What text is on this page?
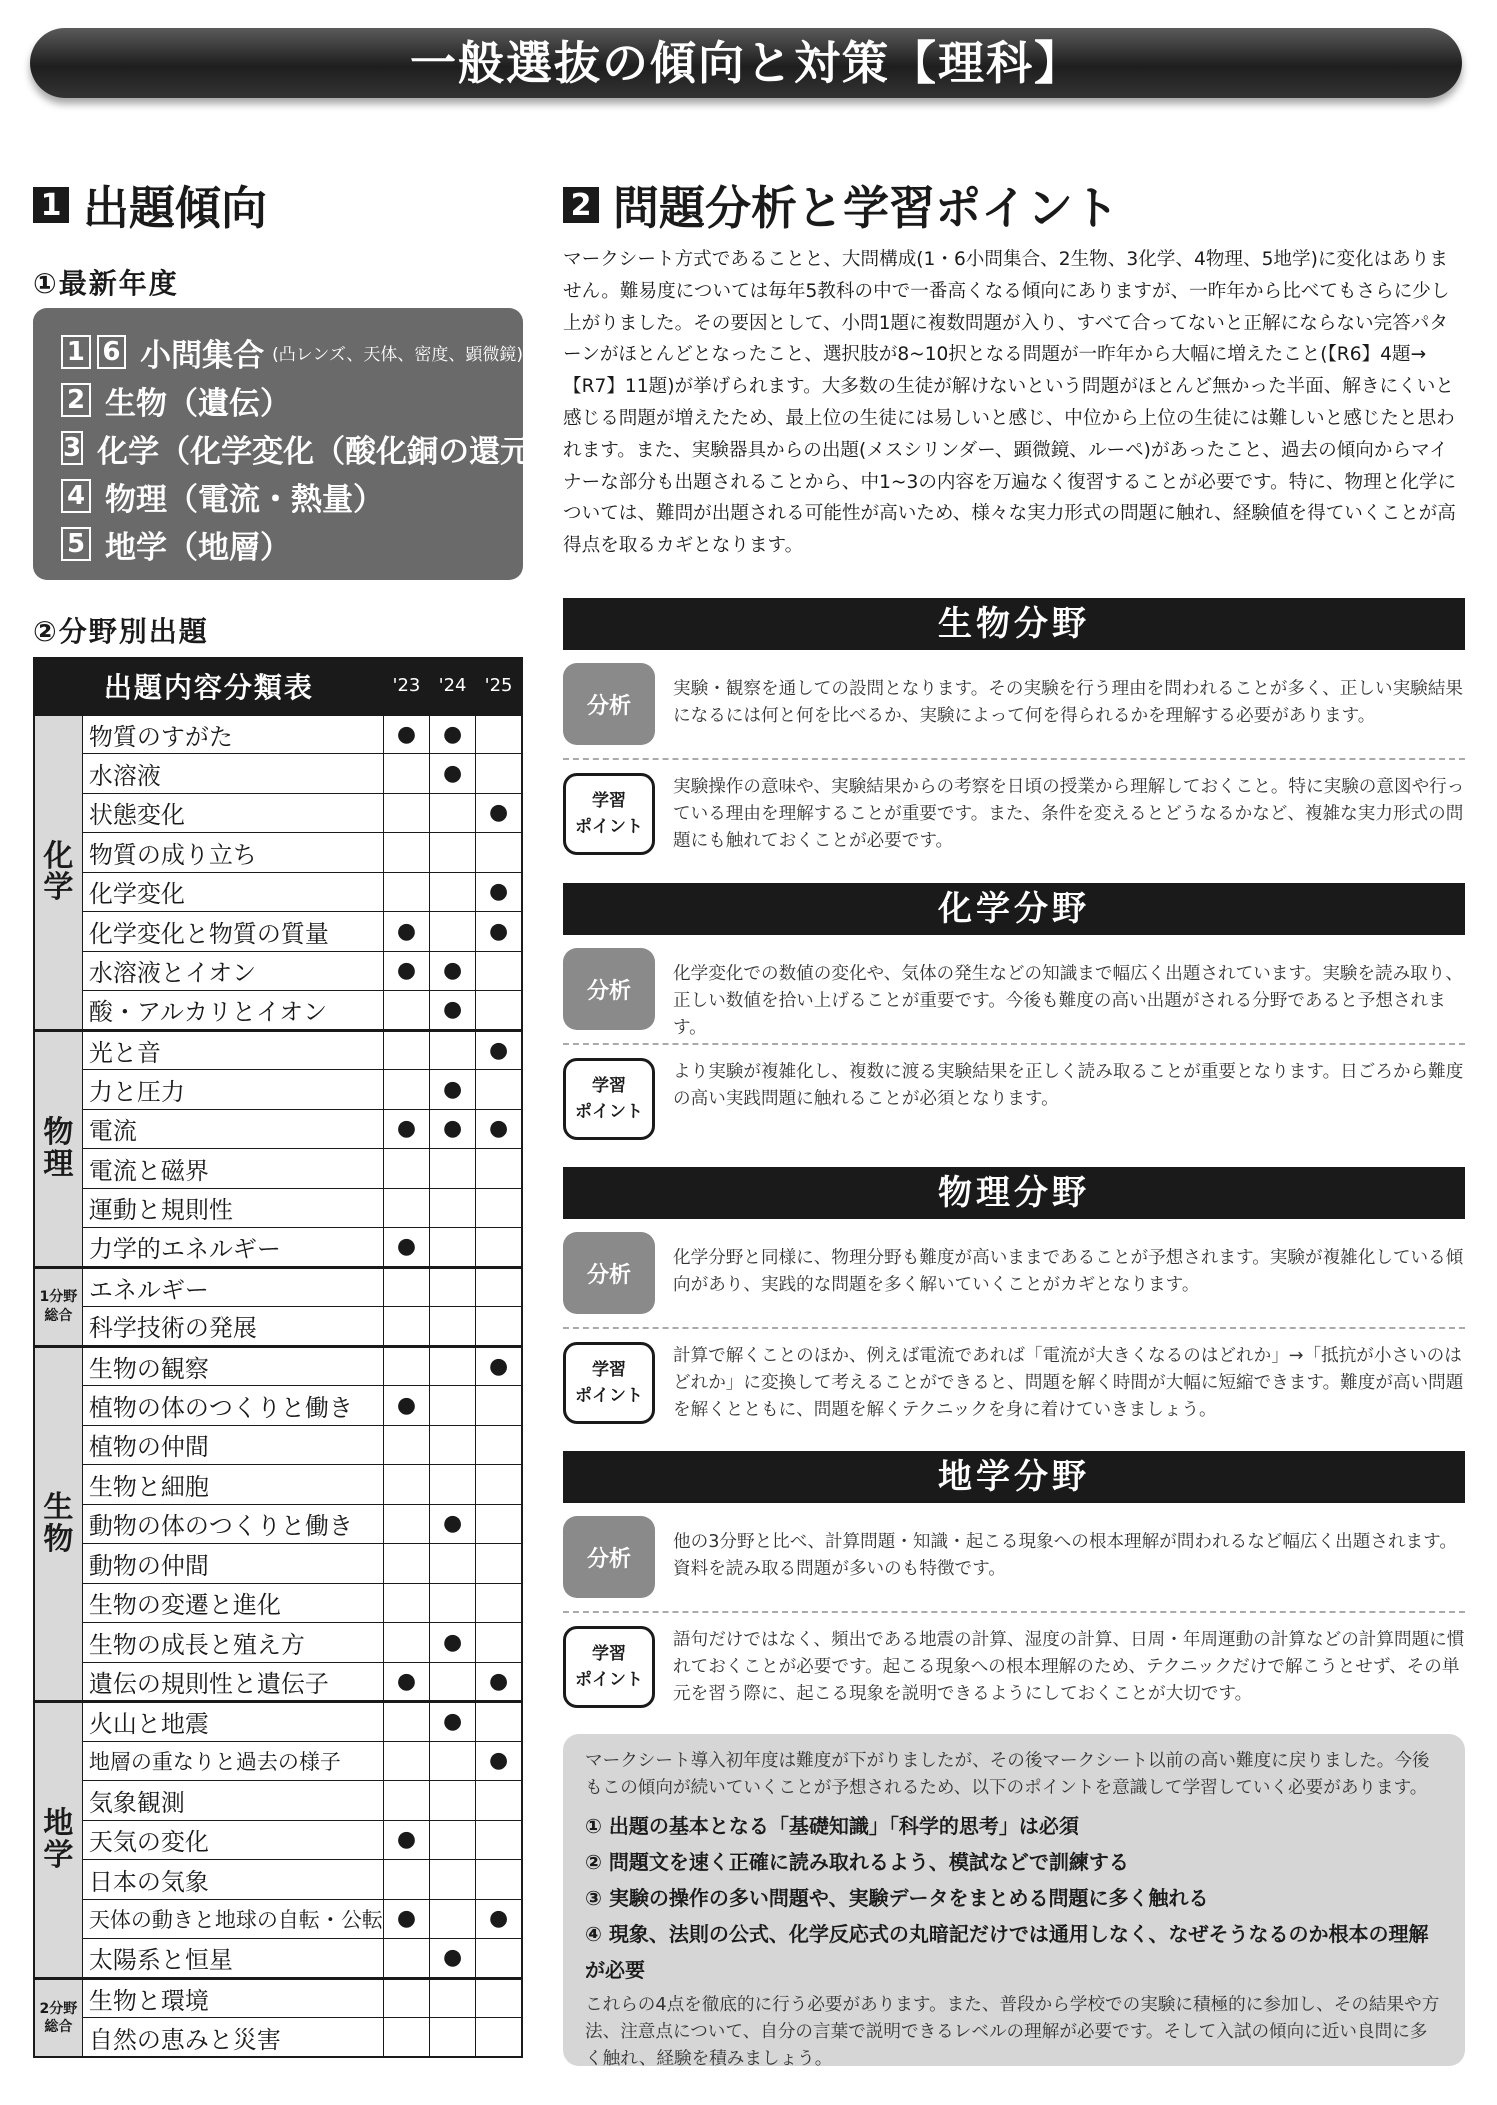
一般選抜の傾向と対策【理科】
1 出題傾向
①最新年度
1 6 小問集合 (凸レンズ、天体、密度、顕微鏡)
2 生物（遺伝）
3 化学（化学変化（酸化銅の還元））
4 物理（電流・熱量）
5 地学（地層）
②分野別出題
出題内容分類表		'23	'24	'25
化学	物質のすがた	●	●	
	水溶液		●	
	状態変化			●
	物質の成り立ち			
	化学変化			●
	化学変化と物質の質量	●		●
	水溶液とイオン	●	●	
	酸・アルカリとイオン		●	
物理	光と音			●
	力と圧力		●	
	電流	●	●	●
	電流と磁界			
	運動と規則性			
	力学的エネルギー	●		
1分野総合	エネルギー			
	科学技術の発展			
生物	生物の観察			●
	植物の体のつくりと働き	●		
	植物の仲間			
	生物と細胞			
	動物の体のつくりと働き		●	
	動物の仲間			
	生物の変遷と進化			
	生物の成長と殖え方		●	
	遺伝の規則性と遺伝子	●		●
地学	火山と地震		●	
	地層の重なりと過去の様子			●
	気象観測			
	天気の変化	●		
	日本の気象			
	天体の動きと地球の自転・公転	●		●
	太陽系と恒星		●	
2分野総合	生物と環境			
	自然の恵みと災害			
2 問題分析と学習ポイント
マークシート方式であることと、大問構成(1・6小問集合、2生物、3化学、4物理、5地学)に変化はありません。難易度については毎年5教科の中で一番高くなる傾向にありますが、一昨年から比べてもさらに少し上がりました。その要因として、小問1題に複数問題が入り、すべて合ってないと正解にならない完答パターンがほとんどとなったこと、選択肢が8~10択となる問題が一昨年から大幅に増えたこと(【R6】4題→【R7】11題)が挙げられます。大多数の生徒が解けないという問題がほとんど無かった半面、解きにくいと感じる問題が増えたため、最上位の生徒には易しいと感じ、中位から上位の生徒には難しいと感じたと思われます。また、実験器具からの出題(メスシリンダー、顕微鏡、ルーペ)があったこと、過去の傾向からマイナーな部分も出題されることから、中1~3の内容を万遍なく復習することが必要です。特に、物理と化学については、難問が出題される可能性が高いため、様々な実力形式の問題に触れ、経験値を得ていくことが高得点を取るカギとなります。
生物分野
分析
実験・観察を通しての設問となります。その実験を行う理由を問われることが多く、正しい実験結果になるには何と何を比べるか、実験によって何を得られるかを理解する必要があります。
学習
ポイント
実験操作の意味や、実験結果からの考察を日頃の授業から理解しておくこと。特に実験の意図や行っている理由を理解することが重要です。また、条件を変えるとどうなるかなど、複雑な実力形式の問題にも触れておくことが必要です。
化学分野
分析
化学変化での数値の変化や、気体の発生などの知識まで幅広く出題されています。実験を読み取り、正しい数値を拾い上げることが重要です。今後も難度の高い出題がされる分野であると予想されます。
学習
ポイント
より実験が複雑化し、複数に渡る実験結果を正しく読み取ることが重要となります。日ごろから難度の高い実践問題に触れることが必須となります。
物理分野
分析
化学分野と同様に、物理分野も難度が高いままであることが予想されます。実験が複雑化している傾向があり、実践的な問題を多く解いていくことがカギとなります。
学習
ポイント
計算で解くことのほか、例えば電流であれば「電流が大きくなるのはどれか」→「抵抗が小さいのはどれか」に変換して考えることができると、問題を解く時間が大幅に短縮できます。難度が高い問題を解くとともに、問題を解くテクニックを身に着けていきましょう。
地学分野
分析
他の3分野と比べ、計算問題・知識・起こる現象への根本理解が問われるなど幅広く出題されます。資料を読み取る問題が多いのも特徴です。
学習
ポイント
語句だけではなく、頻出である地震の計算、湿度の計算、日周・年周運動の計算などの計算問題に慣れておくことが必要です。起こる現象への根本理解のため、テクニックだけで解こうとせず、その単元を習う際に、起こる現象を説明できるようにしておくことが大切です。
マークシート導入初年度は難度が下がりましたが、その後マークシート以前の高い難度に戻りました。今後もこの傾向が続いていくことが予想されるため、以下のポイントを意識して学習していく必要があります。
① 出題の基本となる「基礎知識」「科学的思考」は必須
② 問題文を速く正確に読み取れるよう、模試などで訓練する
③ 実験の操作の多い問題や、実験データをまとめる問題に多く触れる
④ 現象、法則の公式、化学反応式の丸暗記だけでは通用しなく、なぜそうなるのか根本の理解が必要
これらの4点を徹底的に行う必要があります。また、普段から学校での実験に積極的に参加し、その結果や方法、注意点について、自分の言葉で説明できるレベルの理解が必要です。そして入試の傾向に近い良問に多く触れ、経験を積みましょう。
